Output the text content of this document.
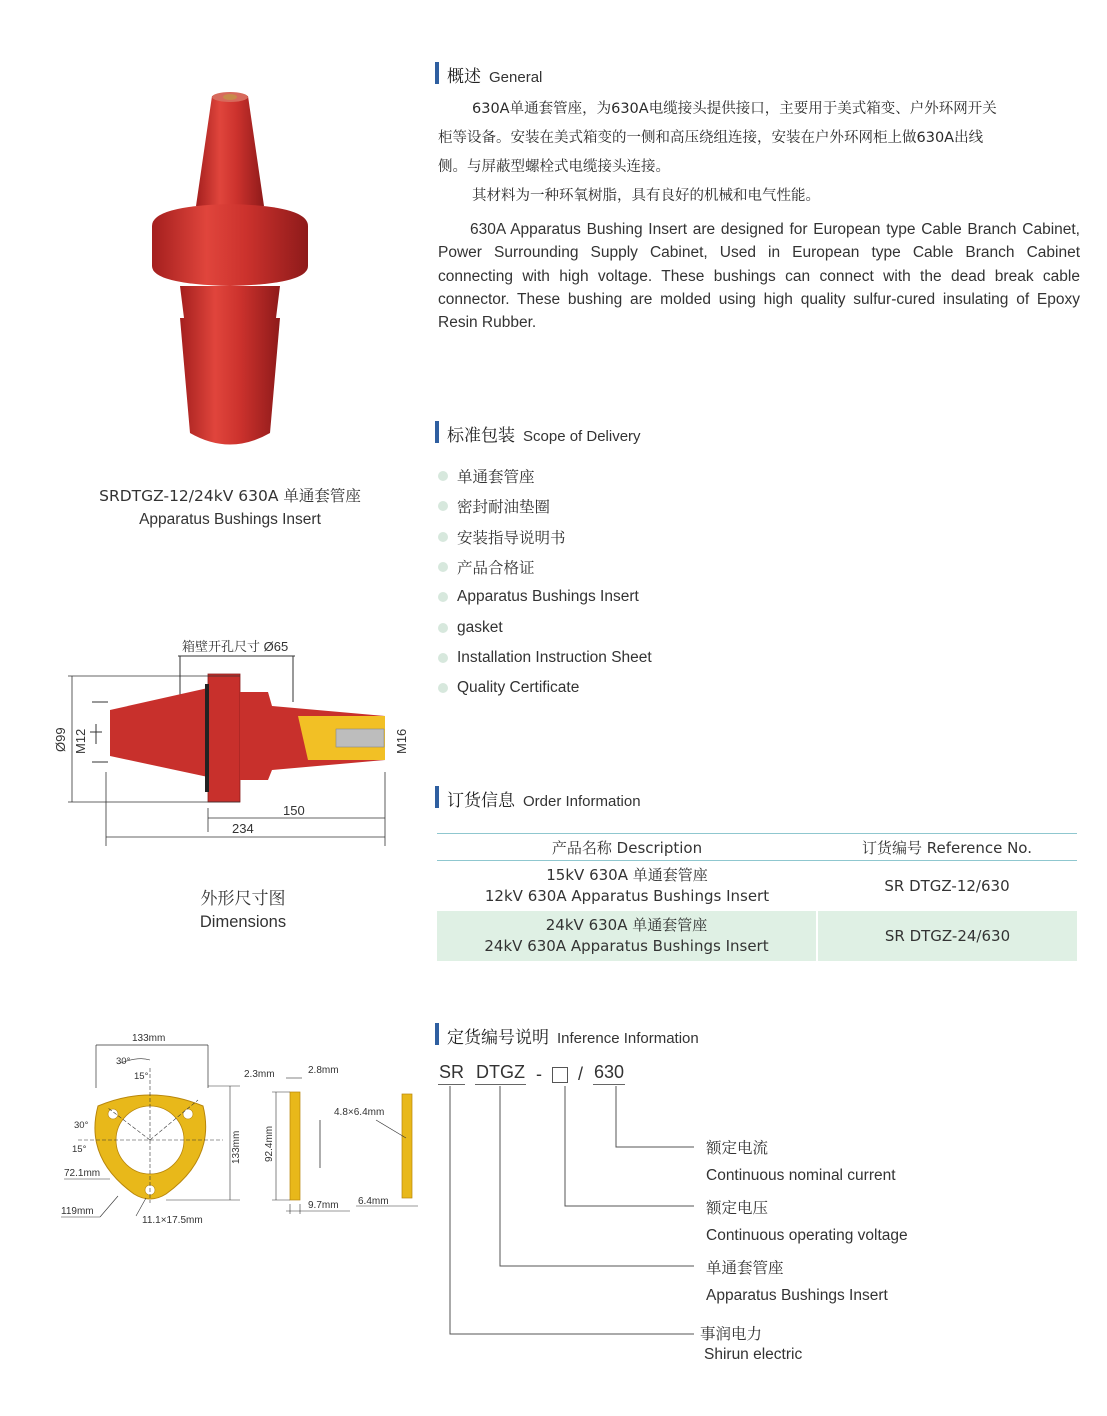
SRDTGZ-12/24kV 630A 单通套管座
Apparatus Bushings Insert
箱壁开孔尺寸 Ø65
Ø99 M12	M16
150
234
外形尺寸图
Dimensions
133mm
30°
15°
30°
15°
72.1mm
119mm
11.1×17.5mm
133mm
2.3mm	2.8mm
92.4mm
4.8×6.4mm
9.7mm 6.4mm
概述 General
630A单通套管座，为630A电缆接头提供接口，主要用于美式箱变、户外环网开关
柜等设备。安装在美式箱变的一侧和高压绕组连接，安装在户外环网柜上做630A出线
侧。与屏蔽型螺栓式电缆接头连接。
其材料为一种环氧树脂，具有良好的机械和电气性能。
630A Apparatus Bushing Insert are designed for European type Cable Branch Cabinet, Power Surrounding Supply Cabinet, Used in European type Cable Branch Cabinet connecting with high voltage. These bushings can connect with the dead break cable connector. These bushing are molded using high quality sulfur-cured insulating of Epoxy Resin Rubber.
标准包装 Scope of Delivery
单通套管座
密封耐油垫圈
安装指导说明书
产品合格证
Apparatus Bushings Insert
gasket
Installation Instruction Sheet
Quality Certificate
订货信息 Order Information
产品名称 Description	订货编号 Reference No.

15kV 630A 单通套管座
12kV 630A Apparatus Bushings Insert	SR DTGZ-12/630

24kV 630A 单通套管座
24kV 630A Apparatus Bushings Insert	SR DTGZ-24/630
定货编号说明 Inference Information
SR DTGZ - / 630
额定电流
Continuous nominal current
额定电压
Continuous operating voltage
单通套管座
Apparatus Bushings Insert
事润电力
Shirun electric
